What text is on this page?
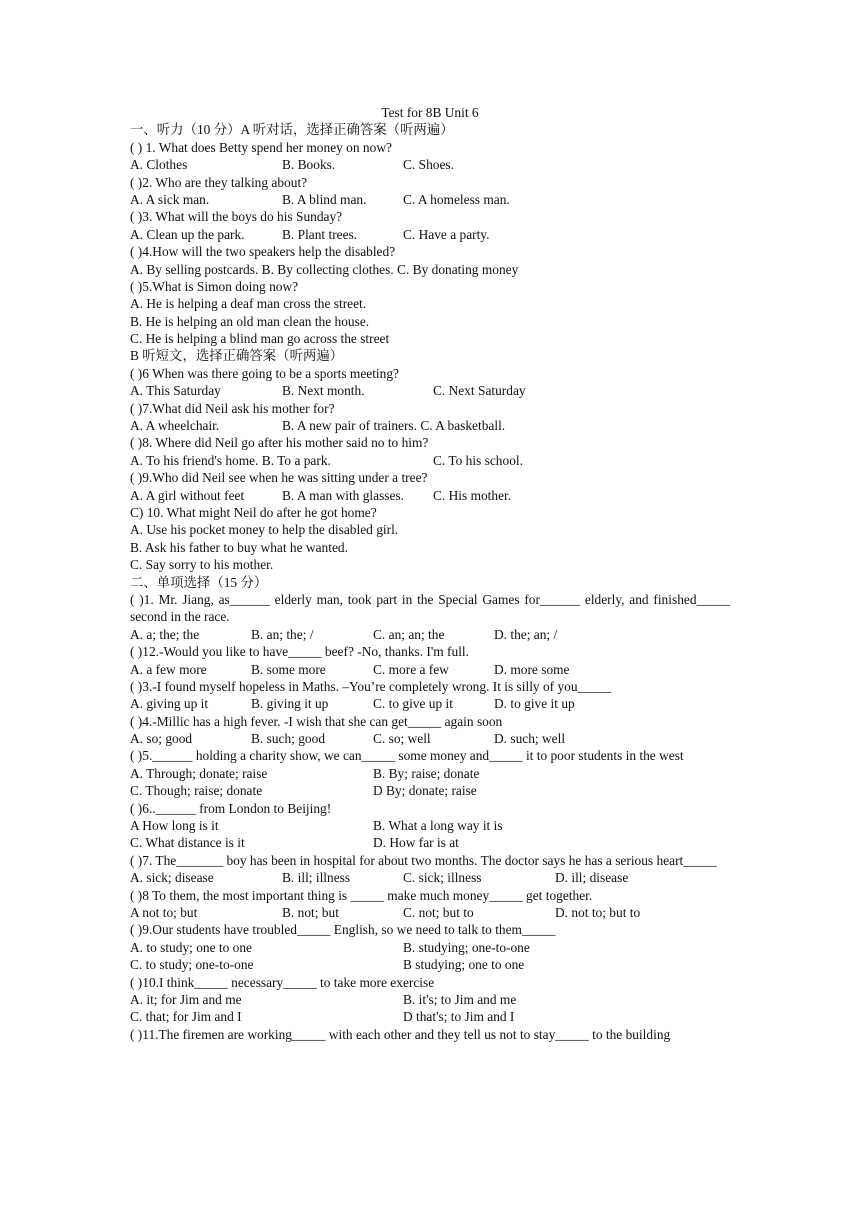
Test for 8B Unit 6
一、听力（10 分）A 听对话，选择正确答案（听两遍）
( ) 1. What does Betty spend her money on now?
A. Clothes	B. Books.	C. Shoes.
( )2. Who are they talking about?
A. A sick man.	B. A blind man.	C. A homeless man.
( )3. What will the boys do his Sunday?
A. Clean up the park.	B. Plant trees.	C. Have a party.
( )4.How will the two speakers help the disabled?
A. By selling postcards. B. By collecting clothes. C. By donating money
( )5.What is Simon doing now?
A. He is helping a deaf man cross the street.
B. He is helping an old man clean the house.
C. He is helping a blind man go across the street
B 听短文，选择正确答案（听两遍）
( )6 When was there going to be a sports meeting?
A. This Saturday	B. Next month.	C. Next Saturday
( )7.What did Neil ask his mother for?
A. A wheelchair.	B. A new pair of trainers. C. A basketball.
( )8. Where did Neil go after his mother said no to him?
A. To his friend's home. B. To a park.	C. To his school.
( )9.Who did Neil see when he was sitting under a tree?
A. A girl without feet	B. A man with glasses. C. His mother.
C) 10. What might Neil do after he got home?
A. Use his pocket money to help the disabled girl.
B. Ask his father to buy what he wanted.
C. Say sorry to his mother.
二、单项选择（15 分）
( )1. Mr. Jiang, as______ elderly man, took part in the Special Games for______ elderly, and finished_____ second in the race.
A. a; the; the	B. an; the; /	C. an; an; the	D. the; an; /
( )12.-Would you like to have_____ beef? -No, thanks. I'm full.
A. a few more	B. some more	C. more a few	D. more some
( )3.-I found myself hopeless in Maths. –You’re completely wrong. It is silly of you_____
A. giving up it	B. giving it up	C. to give up it	D. to give it up
( )4.-Millic has a high fever. -I wish that she can get_____ again soon
A. so; good	B. such; good	C. so; well	D. such; well
( )5.______ holding a charity show, we can_____ some money and_____ it to poor students in the west
A. Through; donate; raise	B. By; raise; donate
C. Though; raise; donate	D By; donate; raise
( )6..______ from London to Beijing!
A How long is it	B. What a long way it is
C. What distance is it	D. How far is at
( )7. The_______ boy has been in hospital for about two months. The doctor says he has a serious heart_____
A. sick; disease	B. ill; illness	C. sick; illness	D. ill; disease
( )8 To them, the most important thing is _____ make much money_____ get together.
A not to; but	B. not; but	C. not; but to	D. not to; but to
( )9.Our students have troubled_____ English, so we need to talk to them_____
A. to study; one to one	B. studying; one-to-one
C. to study; one-to-one	B studying; one to one
( )10.I think_____ necessary_____ to take more exercise
A. it; for Jim and me	B. it's; to Jim and me
C. that; for Jim and I	D that's; to Jim and I
( )11.The firemen are working_____ with each other and they tell us not to stay_____ to the building
